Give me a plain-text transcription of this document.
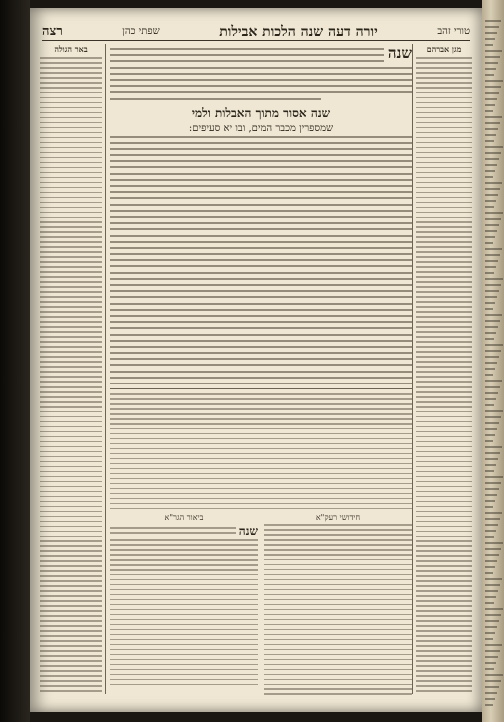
טורי זהב
יורה דעה שנה הלכות אבילות
שפתי כהן
רצה
מגן אברהם
שנה
שנה אסור מתוך האבלות ולמי
שמספרין מכבר המים, ובו יא סעיפים:
חידושי רעק"א
ביאור הגר"א
שנה
באר הגולה
